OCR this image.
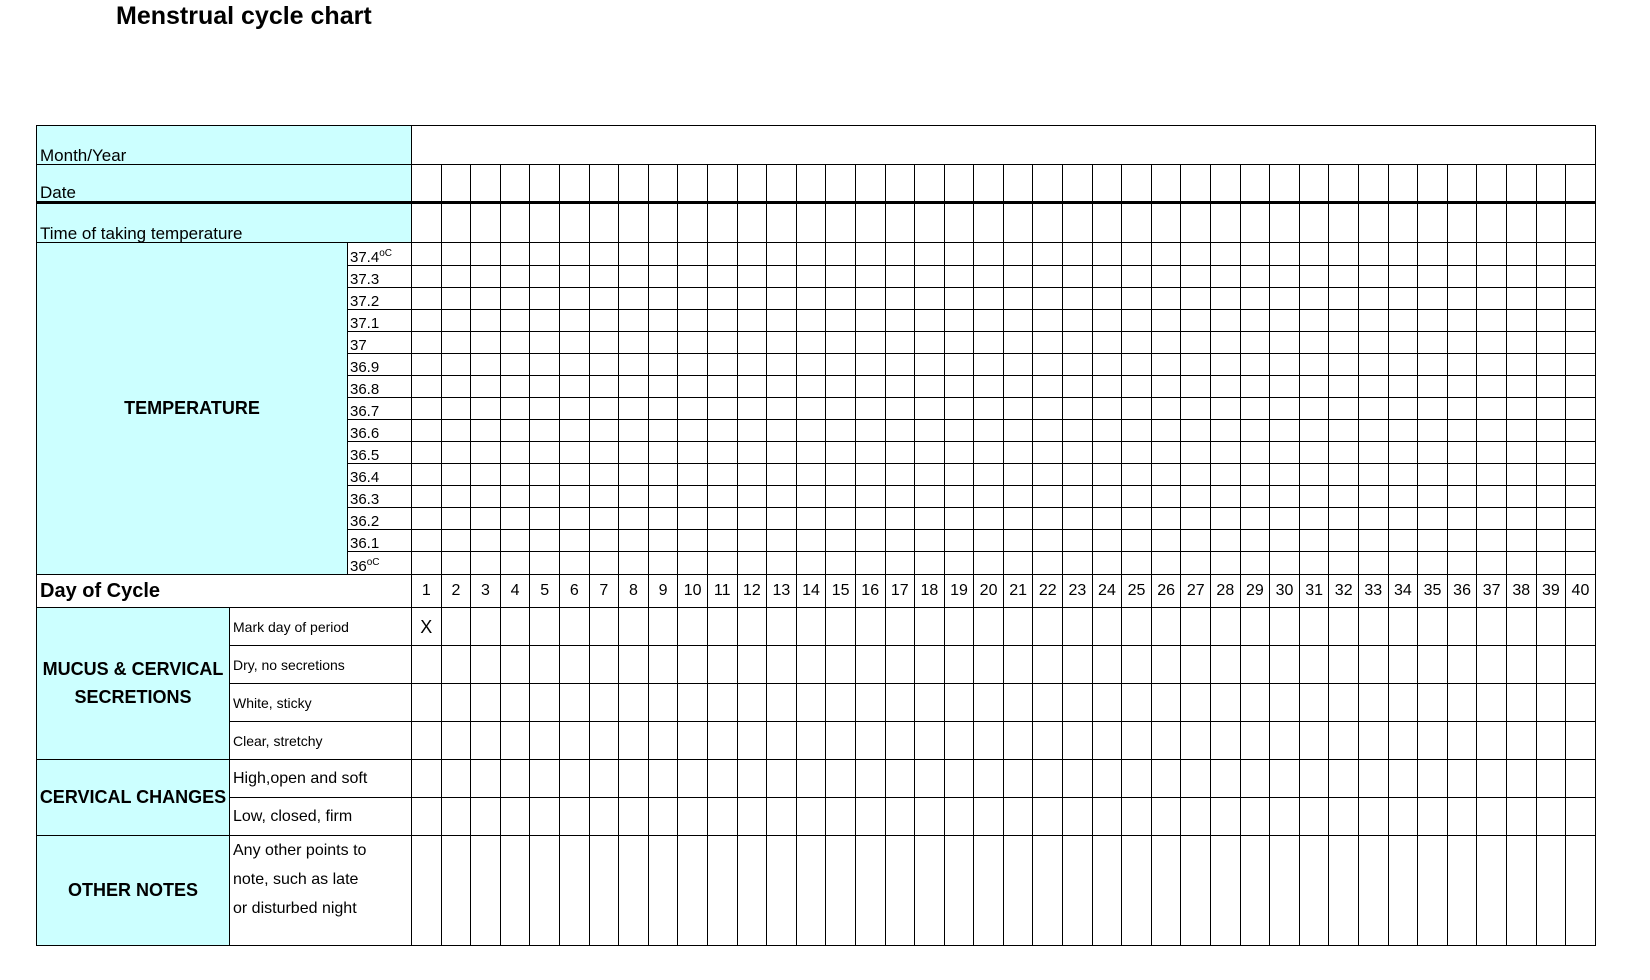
Menstrual cycle chart
Month/Year																																										
Date																																										
Time of taking temperature																																										
TEMPERATURE		$37.4^{oC}$																																								
		37.3																																								
		37.2																																								
		37.1																																								
		37																																								
		36.9																																								
		36.8																																								
		36.7																																								
		36.6																																								
		36.5																																								
		36.4																																								
		36.3																																								
		36.2																																								
		36.1																																								
		$36^{oC}$																																								
Day of Cycle			1	2	3	4	5	6	7	8	9	10	11	12	13	14	15	16	17	18	19	20	21	22	23	24	25	26	27	28	29	30	31	32	33	34	35	36	37	38	39	40
MUCUS & CERVICAL SECRETIONS	Mark day of period		X																																							
	Dry, no secretions																																									
	White, sticky																																									
	Clear, stretchy																																									
CERVICAL CHANGES	High,open and soft																																									
	Low, closed, firm																																									
OTHER NOTES	Any other points to
note, such as late
or disturbed night																																									
